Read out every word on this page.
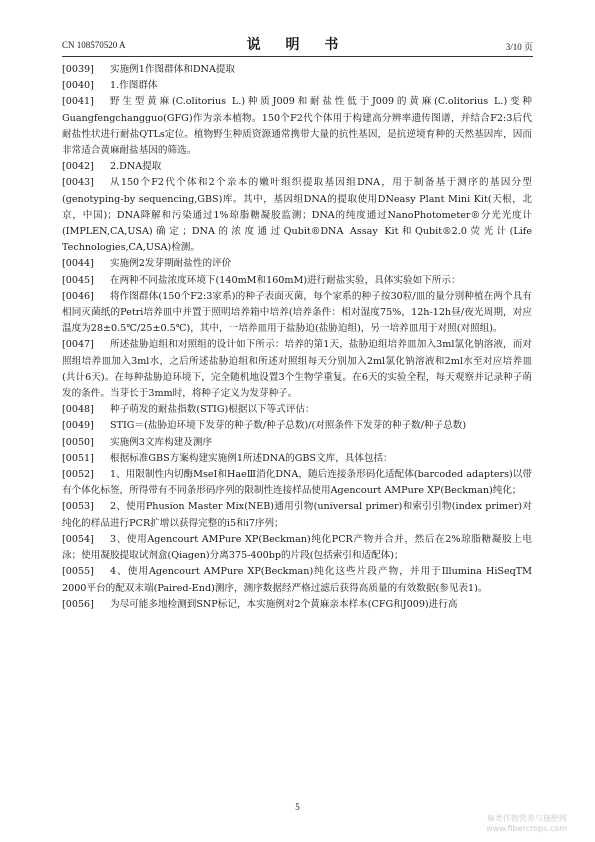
CN 108570520 A	说 明 书	3/10 页
[0039]	实施例1作图群体和DNA提取
[0040]	1.作图群体
[0041]	野生型黄麻(C.olitorius L.)种质J009和耐盐性低于J009的黄麻(C.olitorius L.)变种Guangfengchangguo(GFG)作为亲本植物。150个F2代个体用于构建高分辨率遗传图谱，并结合F2:3后代耐盐性状进行耐盐QTLs定位。植物野生种质资源通常携带大量的抗性基因，是抗逆境育种的天然基因库，因而非常适合黄麻耐盐基因的筛选。
[0042]	2.DNA提取
[0043]	从150个F2代个体和2个亲本的嫩叶组织提取基因组DNA，用于制备基于测序的基因分型(genotyping-by sequencing,GBS)库。其中，基因组DNA的提取使用DNeasy Plant Mini Kit(天根，北京，中国)；DNA降解和污染通过1%琼脂糖凝胶监测；DNA的纯度通过NanoPhotometer®分光光度计(IMPLEN,CA,USA)确定；DNA的浓度通过Qubit®DNA Assay Kit和Qubit®2.0荧光计(Life Technologies,CA,USA)检测。
[0044]	实施例2发芽期耐盐性的评价
[0045]	在两种不同盐浓度环境下(140mM和160mM)进行耐盐实验，具体实验如下所示：
[0046]	将作图群体(150个F2:3家系)的种子表面灭菌，每个家系的种子按30粒/皿的量分别种植在两个具有相同灭菌纸的Petri培养皿中并置于照明培养箱中培养(培养条件：相对湿度75%，12h-12h昼/夜光周期，对应温度为28±0.5℃/25±0.5℃)，其中，一培养皿用于盐胁迫(盐胁迫组)，另一培养皿用于对照(对照组)。
[0047]	所述盐胁迫组和对照组的设计如下所示：培养的第1天，盐胁迫组培养皿加入3ml氯化钠溶液，而对照组培养皿加入3ml水，之后所述盐胁迫组和所述对照组每天分别加入2ml氯化钠溶液和2ml水至对应培养皿(共计6天)。在每种盐胁迫环境下，完全随机地设置3个生物学重复。在6天的实验全程，每天观察并记录种子萌发的条件。当芽长于3mm时，将种子定义为发芽种子。
[0048]	种子萌发的耐盐指数(STIG)根据以下等式评估：
[0049]	STIG＝(盐胁迫环境下发芽的种子数/种子总数)/(对照条件下发芽的种子数/种子总数)
[0050]	实施例3文库构建及测序
[0051]	根据标准GBS方案构建实施例1所述DNA的GBS文库，具体包括：
[0052]	1、用限制性内切酶MseI和HaeⅢ消化DNA，随后连接条形码化适配体(barcoded adapters)以带有个体化标签，所得带有不同条形码序列的限制性连接样品使用Agencourt AMPure XP(Beckman)纯化；
[0053]	2、使用Phusion Master Mix(NEB)通用引物(universal primer)和索引引物(index primer)对纯化的样品进行PCR扩增以获得完整的i5和i7序列；
[0054]	3、使用Agencourt AMPure XP(Beckman)纯化PCR产物并合并，然后在2%琼脂糖凝胶上电泳；使用凝胶提取试剂盒(Qiagen)分离375-400bp的片段(包括索引和适配体)；
[0055]	4、使用Agencourt AMPure XP(Beckman)纯化这些片段产物，并用于Illumina HiSeqTM 2000平台的配双末端(Paired-End)测序，测序数据经严格过滤后获得高质量的有效数据(参见表1)。
[0056]	为尽可能多地检测到SNP标记，本实施例对2个黄麻亲本样本(CFG和J009)进行高
5
麻类作物营养与施肥网
www.fibercrops.com
